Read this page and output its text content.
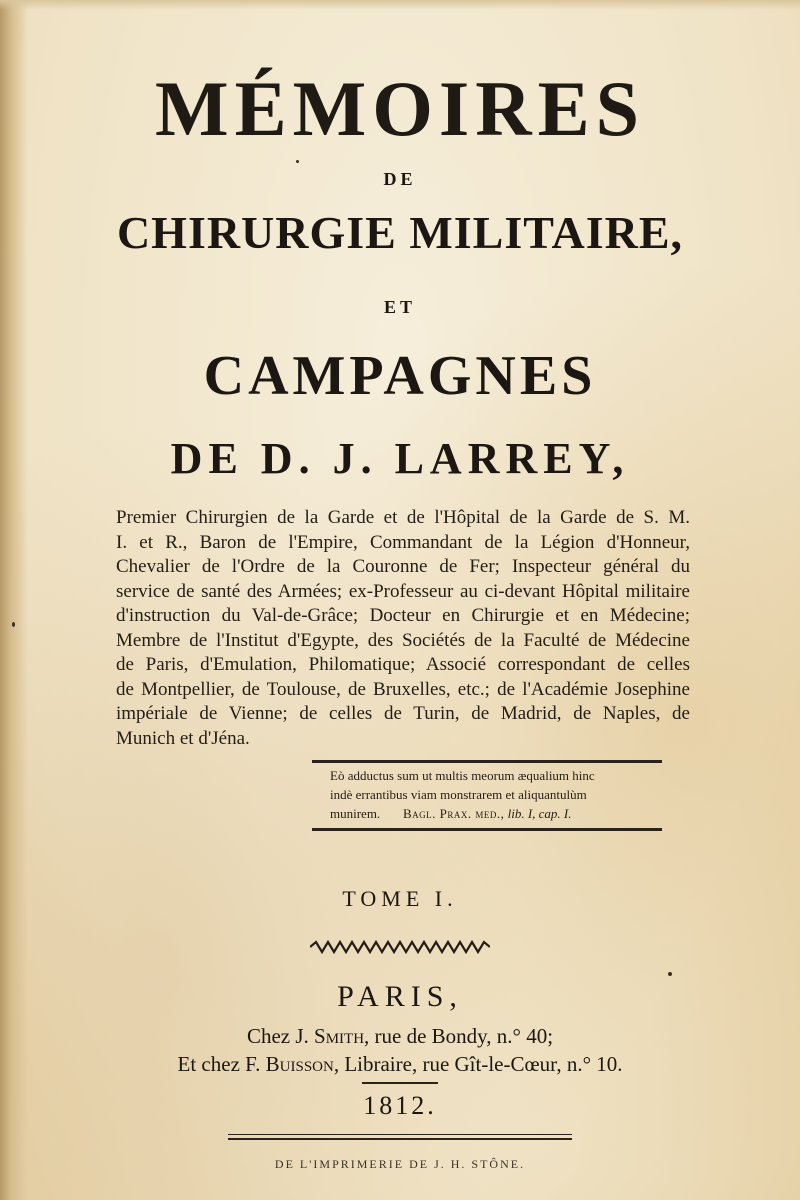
MÉMOIRES
DE
CHIRURGIE MILITAIRE,
ET
CAMPAGNES
DE D. J. LARREY,
Premier Chirurgien de la Garde et de l'Hôpital de la Garde de S. M.
I. et R., Baron de l'Empire, Commandant de la Légion d'Honneur,
Chevalier de l'Ordre de la Couronne de Fer; Inspecteur général du
service de santé des Armées; ex-Professeur au ci-devant Hôpital militaire
d'instruction du Val-de-Grâce; Docteur en Chirurgie et en Médecine;
Membre de l'Institut d'Egypte, des Sociétés de la Faculté de Médecine
de Paris, d'Emulation, Philomatique; Associé correspondant de celles
de Montpellier, de Toulouse, de Bruxelles, etc.; de l'Académie Josephine
impériale de Vienne; de celles de Turin, de Madrid, de Naples, de
Munich et d'Jéna.
Eò adductus sum ut multis meorum æqualium hinc
indè errantibus viam monstrarem et aliquantulùm
munirem. Bagl. Prax. med., lib. I, cap. I.
TOME I.
PARIS,
Chez J. Smith, rue de Bondy, n.° 40;
Et chez F. Buisson, Libraire, rue Gît-le-Cœur, n.° 10.
1812.
DE L'IMPRIMERIE DE J. H. STÔNE.
